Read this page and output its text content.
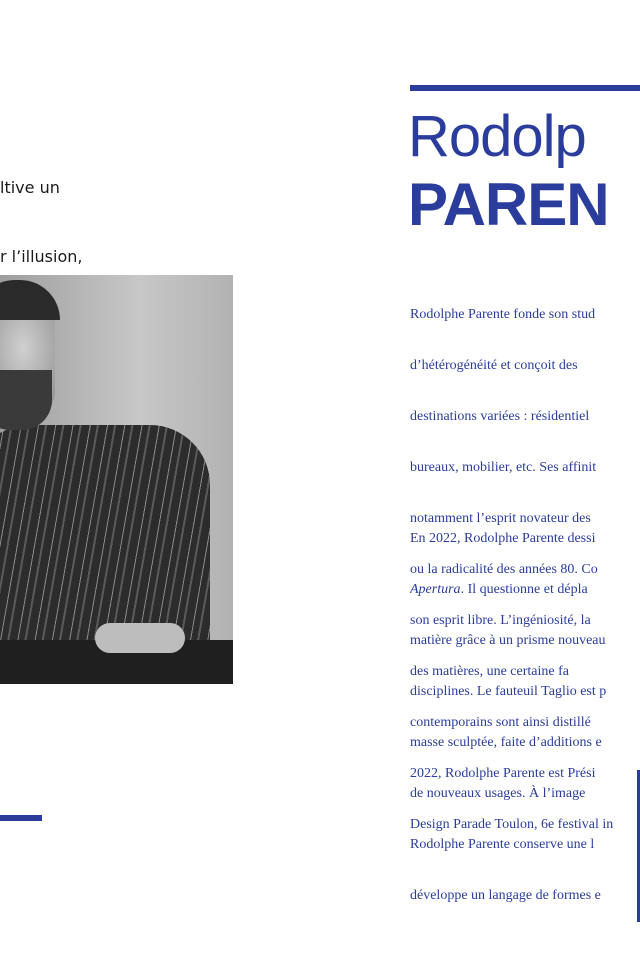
Rodolp
PAREN

ltive un

r l’illusion,

Rodolphe Parente fonde son stud

d’hétérogénéité et conçoit des

destinations variées : résidentiel

bureaux, mobilier, etc. Ses affinit

notamment l’esprit novateur des

ou la radicalité des années 80. Co

son esprit libre. L’ingéniosité, la

des matières, une certaine fa

contemporains sont ainsi distillé

2022, Rodolphe Parente est Prési

Design Parade Toulon, 6e festival in

En 2022, Rodolphe Parente dessi

Apertura. Il questionne et dépla

matière grâce à un prisme nouveau

disciplines. Le fauteuil Taglio est p

masse sculptée, faite d’additions e

de nouveaux usages. À l’image

Rodolphe Parente conserve une l

développe un langage de formes e
